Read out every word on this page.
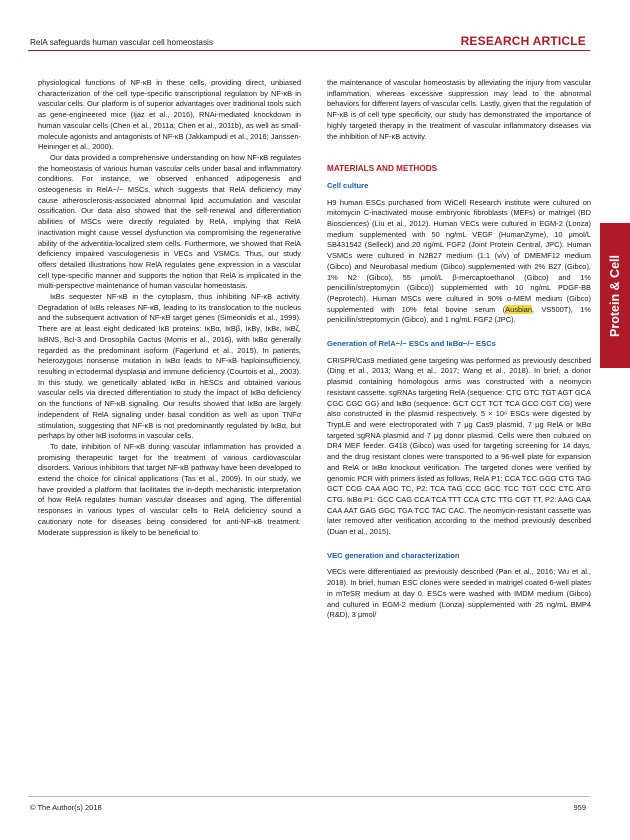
RelA safeguards human vascular cell homeostasis	RESEARCH ARTICLE

physiological functions of NF-κB in these cells, providing direct, unbiased characterization of the cell type-specific transcriptional regulation by NF-κB in vascular cells. Our platform is of superior advantages over traditional tools such as gene-engineered mice (Ijaz et al., 2016), RNAi-mediated knockdown in human vascular cells (Chen et al., 2011a; Chen et al., 2011b), as well as small-molecule agonists and antagonists of NF-κB (Jakkampudi et al., 2016; Janssen-Heininger et al., 2000).

Our data provided a comprehensive understanding on how NF-κB regulates the homeostasis of various human vascular cells under basal and inflammatory conditions. For instance, we observed enhanced adipogenesis and osteogenesis in RelA−/− MSCs, which suggests that RelA deficiency may cause atherosclerosis-associated abnormal lipid accumulation and vascular ossification. Our data also showed that the self-renewal and differentiation abilities of MSCs were directly regulated by RelA, implying that RelA inactivation might cause vessel dysfunction via compromising the regenerative ability of the adventitia-localized stem cells. Furthermore, we showed that RelA deficiency impaired vasculogenesis in VECs and VSMCs. Thus, our study offers detailed illustrations how RelA regulates gene expression in a vascular cell type-specific manner and supports the notion that RelA is implicated in the multi-perspective maintenance of human vascular homeostasis.

IκBs sequester NF-κB in the cytoplasm, thus inhibiting NF-κB activity. Degradation of IκBs releases NF-κB, leading to its translocation to the nucleus and the subsequent activation of NF-κB target genes (Simeonidis et al., 1999). There are at least eight dedicated IκB proteins: IκBα, IκBβ, IκBγ, IκBε, IκBζ, IκBNS, Bcl-3 and Drosophila Cactus (Morris et al., 2016), with IκBα generally regarded as the predominant isoform (Fagerlund et al., 2015). In patients, heterozygous nonsense mutation in IκBα leads to NF-κB haploinsufficiency, resulting in ectodermal dysplasia and immune deficiency (Courtois et al., 2003). In this study, we genetically ablated IκBα in hESCs and obtained various vascular cells via directed differentiation to study the impact of IκBα deficiency on the functions of NF-κB signaling. Our results showed that IκBα are largely independent of RelA signaling under basal condition as well as upon TNFα stimulation, suggesting that NF-κB is not predominantly regulated by IκBα, but perhaps by other IκB isoforms in vascular cells.

To date, inhibition of NF-κB during vascular inflammation has provided a promising therapeutic target for the treatment of various cardiovascular disorders. Various inhibitors that target NF-κB pathway have been developed to extend the choice for clinical applications (Tas et al., 2009). In our study, we have provided a platform that facilitates the in-depth mechanistic interpretation of how RelA regulates human vascular diseases and aging. The differential responses in various types of vascular cells to RelA deficiency sound a cautionary note for diseases being considered for anti-NF-κB treatment. Moderate suppression is likely to be beneficial to

the maintenance of vascular homeostasis by alleviating the injury from vascular inflammation, whereas excessive suppression may lead to the abnormal behaviors for different layers of vascular cells. Lastly, given that the regulation of NF-κB is of cell type specificity, our study has demonstrated the importance of highly targeted therapy in the treatment of vascular inflammatory diseases via the inhibition of NF-κB activity.

MATERIALS AND METHODS
Cell culture

H9 human ESCs purchased from WiCell Research institute were cultured on mitomycin C-inactivated mouse embryonic fibroblasts (MEFs) or matrigel (BD Biosciences) (Liu et al., 2012). Human VECs were cultured in EGM-2 (Lonza) medium supplemented with 50 ng/mL VEGF (HumanZyme), 10 μmol/L SB431542 (Selleck) and 20 ng/mL FGF2 (Joint Protein Central, JPC). Human VSMCs were cultured in N2B27 medium (1:1 (v/v) of DMEMF12 medium (Gibco) and Neurobasal medium (Gibco) supplemented with 2% B27 (Gibco), 1% N2 (Gibco), 55 μmol/L β-mercaptoethanol (Gibco) and 1% penicillin/streptomycin (Gibco)) supplemented with 10 ng/mL PDGF-BB (Peprotech). Human MSCs were cultured in 90% α-MEM medium (Gibco) supplemented with 10% fetal bovine serum (Ausbian, VS500T), 1% penicillin/streptomycin (Gibco), and 1 ng/mL FGF2 (JPC).

Generation of RelA−/− ESCs and IκBα−/− ESCs

CRISPR/Cas9 mediated gene targeting was performed as previously described (Ding et al., 2013; Wang et al., 2017; Wang et al., 2018). In brief, a donor plasmid containing homologous arms was constructed with a neomycin resistant cassette. sgRNAs targeting RelA (sequence: CTC GTC TGT AGT GCA CGC CGC GG) and IκBα (sequence: GCT CCT TCT TCA GCC CGT CG) were also constructed in the plasmid respectively. 5 × 10⁶ ESCs were digested by TrypLE and were electroporated with 7 μg Cas9 plasmid, 7 μg RelA or IκBα targeted sgRNA plasmid and 7 μg donor plasmid. Cells were then cultured on DR4 MEF feeder. G418 (Gibco) was used for targeting screening for 14 days, and the drug resistant clones were transported to a 96-well plate for expansion and RelA or IκBα knockout verification. The targeted clones were verified by genomic PCR with primers listed as follows, RelA P1: CCA TCC GGG CTG TAG GCT CCG CAA AGC TC, P2: TCA TAG CCC GCC TCC TGT CCC CTC ATG CTG. IκBα P1: GCC CAG CCA TCA TTT CCA CTC TTG CGT TT, P2: AAG CAA CAA AAT GAG GGC TGA TCC TAC CAC. The neomycin-resistant cassette was later removed after verification according to the method previously described (Duan et al., 2015).

VEC generation and characterization

VECs were differentiated as previously described (Pan et al., 2016; Wu et al., 2018). In brief, human ESC clones were seeded in matrigel coated 6-well plates in mTeSR medium at day 0. ESCs were washed with IMDM medium (Gibco) and cultured in EGM-2 medium (Lonza) supplemented with 25 ng/mL BMP4 (R&D), 3 μmol/

Protein & Cell
© The Author(s) 2018	959
